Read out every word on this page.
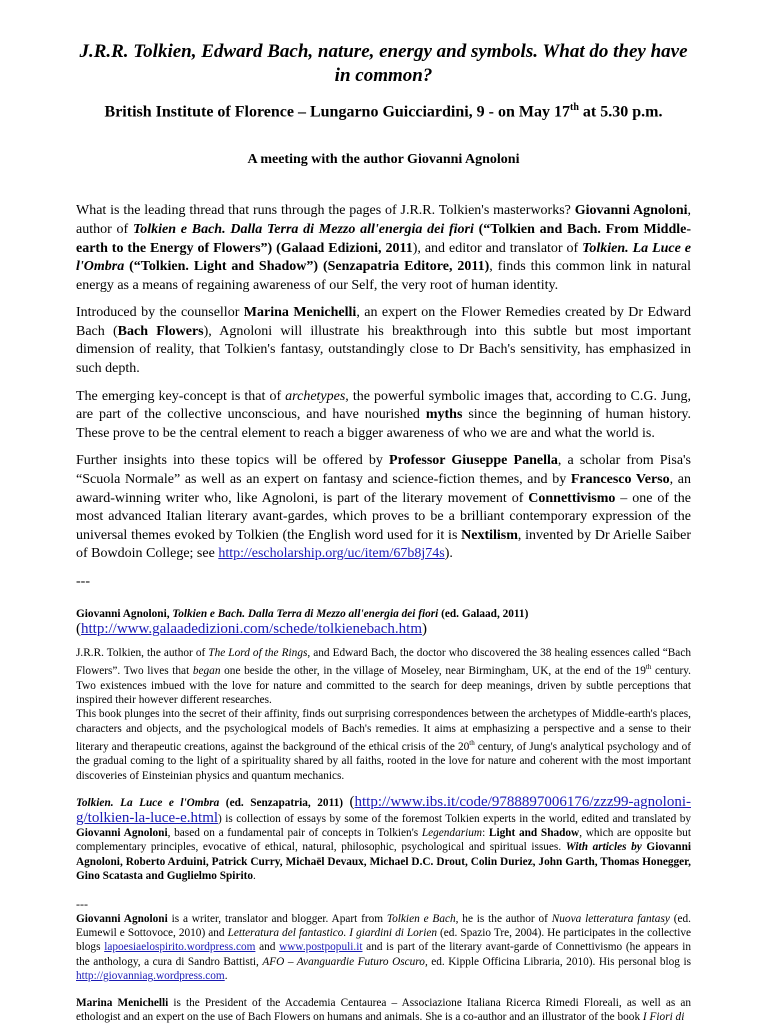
J.R.R. Tolkien, Edward Bach, nature, energy and symbols. What do they have in common?

British Institute of Florence – Lungarno Guicciardini, 9 - on May 17th at 5.30 p.m.

A meeting with the author Giovanni Agnoloni

What is the leading thread that runs through the pages of J.R.R. Tolkien's masterworks? Giovanni Agnoloni, author of Tolkien e Bach. Dalla Terra di Mezzo all'energia dei fiori (“Tolkien and Bach. From Middle-earth to the Energy of Flowers”) (Galaad Edizioni, 2011), and editor and translator of Tolkien. La Luce e l'Ombra (“Tolkien. Light and Shadow”) (Senzapatria Editore, 2011), finds this common link in natural energy as a means of regaining awareness of our Self, the very root of human identity.

Introduced by the counsellor Marina Menichelli, an expert on the Flower Remedies created by Dr Edward Bach (Bach Flowers), Agnoloni will illustrate his breakthrough into this subtle but most important dimension of reality, that Tolkien's fantasy, outstandingly close to Dr Bach's sensitivity, has emphasized in such depth.

The emerging key-concept is that of archetypes, the powerful symbolic images that, according to C.G. Jung, are part of the collective unconscious, and have nourished myths since the beginning of human history. These prove to be the central element to reach a bigger awareness of who we are and what the world is.

Further insights into these topics will be offered by Professor Giuseppe Panella, a scholar from Pisa's “Scuola Normale” as well as an expert on fantasy and science-fiction themes, and by Francesco Verso, an award-winning writer who, like Agnoloni, is part of the literary movement of Connettivismo – one of the most advanced Italian literary avant-gardes, which proves to be a brilliant contemporary expression of the universal themes evoked by Tolkien (the English word used for it is Nextilism, invented by Dr Arielle Saiber of Bowdoin College; see http://escholarship.org/uc/item/67b8j74s).

---

Giovanni Agnoloni, Tolkien e Bach. Dalla Terra di Mezzo all'energia dei fiori (ed. Galaad, 2011)
(http://www.galaadedizioni.com/schede/tolkienebach.htm)

J.R.R. Tolkien, the author of The Lord of the Rings, and Edward Bach, the doctor who discovered the 38 healing essences called “Bach Flowers”. Two lives that began one beside the other, in the village of Moseley, near Birmingham, UK, at the end of the 19th century. Two existences imbued with the love for nature and committed to the search for deep meanings, driven by subtle perceptions that inspired their however different researches.

This book plunges into the secret of their affinity, finds out surprising correspondences between the archetypes of Middle-earth's places, characters and objects, and the psychological models of Bach's remedies. It aims at emphasizing a perspective and a sense to their literary and therapeutic creations, against the background of the ethical crisis of the 20th century, of Jung's analytical psychology and of the gradual coming to the light of a spirituality shared by all faiths, rooted in the love for nature and coherent with the most important discoveries of Einsteinian physics and quantum mechanics.

Tolkien. La Luce e l'Ombra (ed. Senzapatria, 2011) (http://www.ibs.it/code/9788897006176/zzz99-agnoloni-g/tolkien-la-luce-e.html) is collection of essays by some of the foremost Tolkien experts in the world, edited and translated by Giovanni Agnoloni, based on a fundamental pair of concepts in Tolkien's Legendarium: Light and Shadow, which are opposite but complementary principles, evocative of ethical, natural, philosophic, psychological and spiritual issues. With articles by Giovanni Agnoloni, Roberto Arduini, Patrick Curry, Michaël Devaux, Michael D.C. Drout, Colin Duriez, John Garth, Thomas Honegger, Gino Scatasta and Guglielmo Spirito.

---

Giovanni Agnoloni is a writer, translator and blogger. Apart from Tolkien e Bach, he is the author of Nuova letteratura fantasy (ed. Eumewil e Sottovoce, 2010) and Letteratura del fantastico. I giardini di Lorien (ed. Spazio Tre, 2004). He participates in the collective blogs lapoesiaelospirito.wordpress.com and www.postpopuli.it and is part of the literary avant-garde of Connettivismo (he appears in the anthology, a cura di Sandro Battisti, AFO – Avanguardie Futuro Oscuro, ed. Kipple Officina Libraria, 2010). His personal blog is http://giovanniag.wordpress.com.

Marina Menichelli is the President of the Accademia Centaurea – Associazione Italiana Ricerca Rimedi Floreali, as well as an ethologist and an expert on the use of Bach Flowers on humans and animals. She is a co-author and an illustrator of the book I Fiori di
